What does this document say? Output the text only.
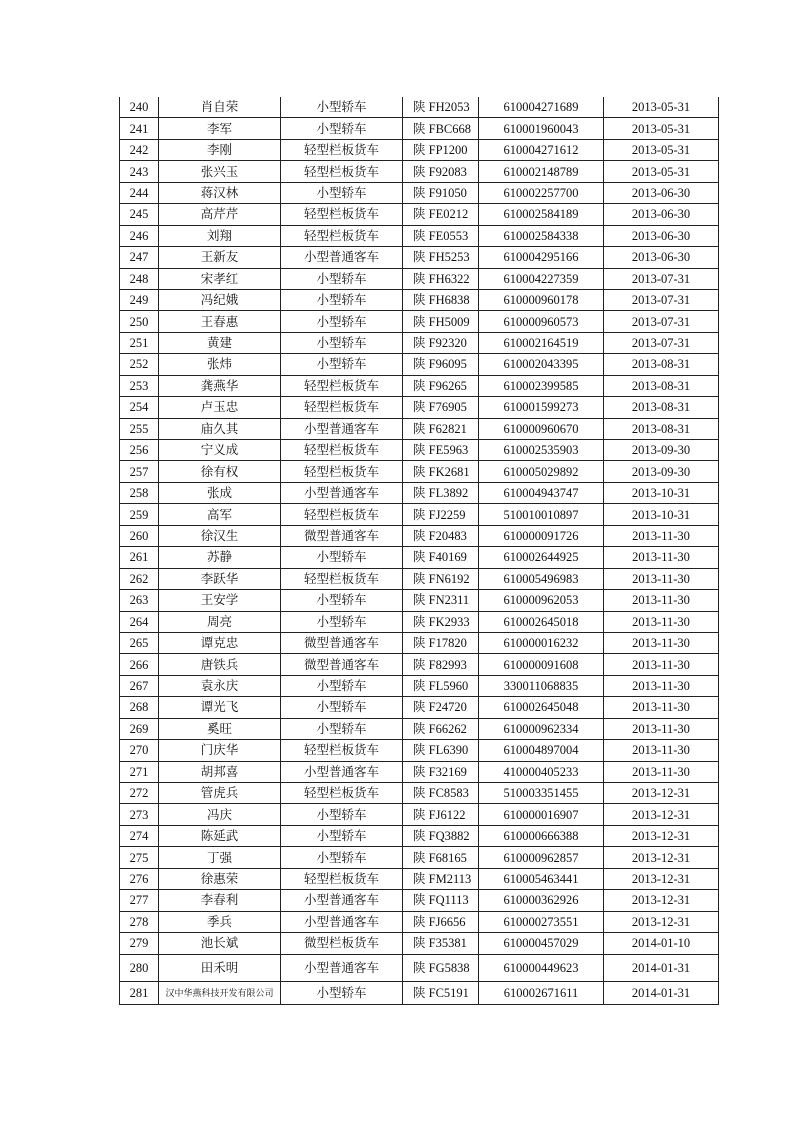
240	肖自荣	小型轿车	陕 FH2053	610004271689	2013-05-31
241	李军	小型轿车	陕 FBC668	610001960043	2013-05-31
242	李刚	轻型栏板货车	陕 FP1200	610004271612	2013-05-31
243	张兴玉	轻型栏板货车	陕 F92083	610002148789	2013-05-31
244	蒋汉林	小型轿车	陕 F91050	610002257700	2013-06-30
245	高芹芹	轻型栏板货车	陕 FE0212	610002584189	2013-06-30
246	刘翔	轻型栏板货车	陕 FE0553	610002584338	2013-06-30
247	王新友	小型普通客车	陕 FH5253	610004295166	2013-06-30
248	宋孝红	小型轿车	陕 FH6322	610004227359	2013-07-31
249	冯纪娥	小型轿车	陕 FH6838	610000960178	2013-07-31
250	王春惠	小型轿车	陕 FH5009	610000960573	2013-07-31
251	黄建	小型轿车	陕 F92320	610002164519	2013-07-31
252	张炜	小型轿车	陕 F96095	610002043395	2013-08-31
253	龚燕华	轻型栏板货车	陕 F96265	610002399585	2013-08-31
254	卢玉忠	轻型栏板货车	陕 F76905	610001599273	2013-08-31
255	庙久其	小型普通客车	陕 F62821	610000960670	2013-08-31
256	宁义成	轻型栏板货车	陕 FE5963	610002535903	2013-09-30
257	徐有权	轻型栏板货车	陕 FK2681	610005029892	2013-09-30
258	张成	小型普通客车	陕 FL3892	610004943747	2013-10-31
259	高军	轻型栏板货车	陕 FJ2259	510010010897	2013-10-31
260	徐汉生	微型普通客车	陕 F20483	610000091726	2013-11-30
261	苏静	小型轿车	陕 F40169	610002644925	2013-11-30
262	李跃华	轻型栏板货车	陕 FN6192	610005496983	2013-11-30
263	王安学	小型轿车	陕 FN2311	610000962053	2013-11-30
264	周亮	小型轿车	陕 FK2933	610002645018	2013-11-30
265	谭克忠	微型普通客车	陕 F17820	610000016232	2013-11-30
266	唐铁兵	微型普通客车	陕 F82993	610000091608	2013-11-30
267	袁永庆	小型轿车	陕 FL5960	330011068835	2013-11-30
268	谭光飞	小型轿车	陕 F24720	610002645048	2013-11-30
269	奚旺	小型轿车	陕 F66262	610000962334	2013-11-30
270	门庆华	轻型栏板货车	陕 FL6390	610004897004	2013-11-30
271	胡邦喜	小型普通客车	陕 F32169	410000405233	2013-11-30
272	管虎兵	轻型栏板货车	陕 FC8583	510003351455	2013-12-31
273	冯庆	小型轿车	陕 FJ6122	610000016907	2013-12-31
274	陈延武	小型轿车	陕 FQ3882	610000666388	2013-12-31
275	丁强	小型轿车	陕 F68165	610000962857	2013-12-31
276	徐惠荣	轻型栏板货车	陕 FM2113	610005463441	2013-12-31
277	李春利	小型普通客车	陕 FQ1113	610000362926	2013-12-31
278	季兵	小型普通客车	陕 FJ6656	610000273551	2013-12-31
279	池长斌	微型栏板货车	陕 F35381	610000457029	2014-01-10
280	田禾明	小型普通客车	陕 FG5838	610000449623	2014-01-31
281	汉中华燕科技开发有限公司	小型轿车	陕 FC5191	610002671611	2014-01-31
